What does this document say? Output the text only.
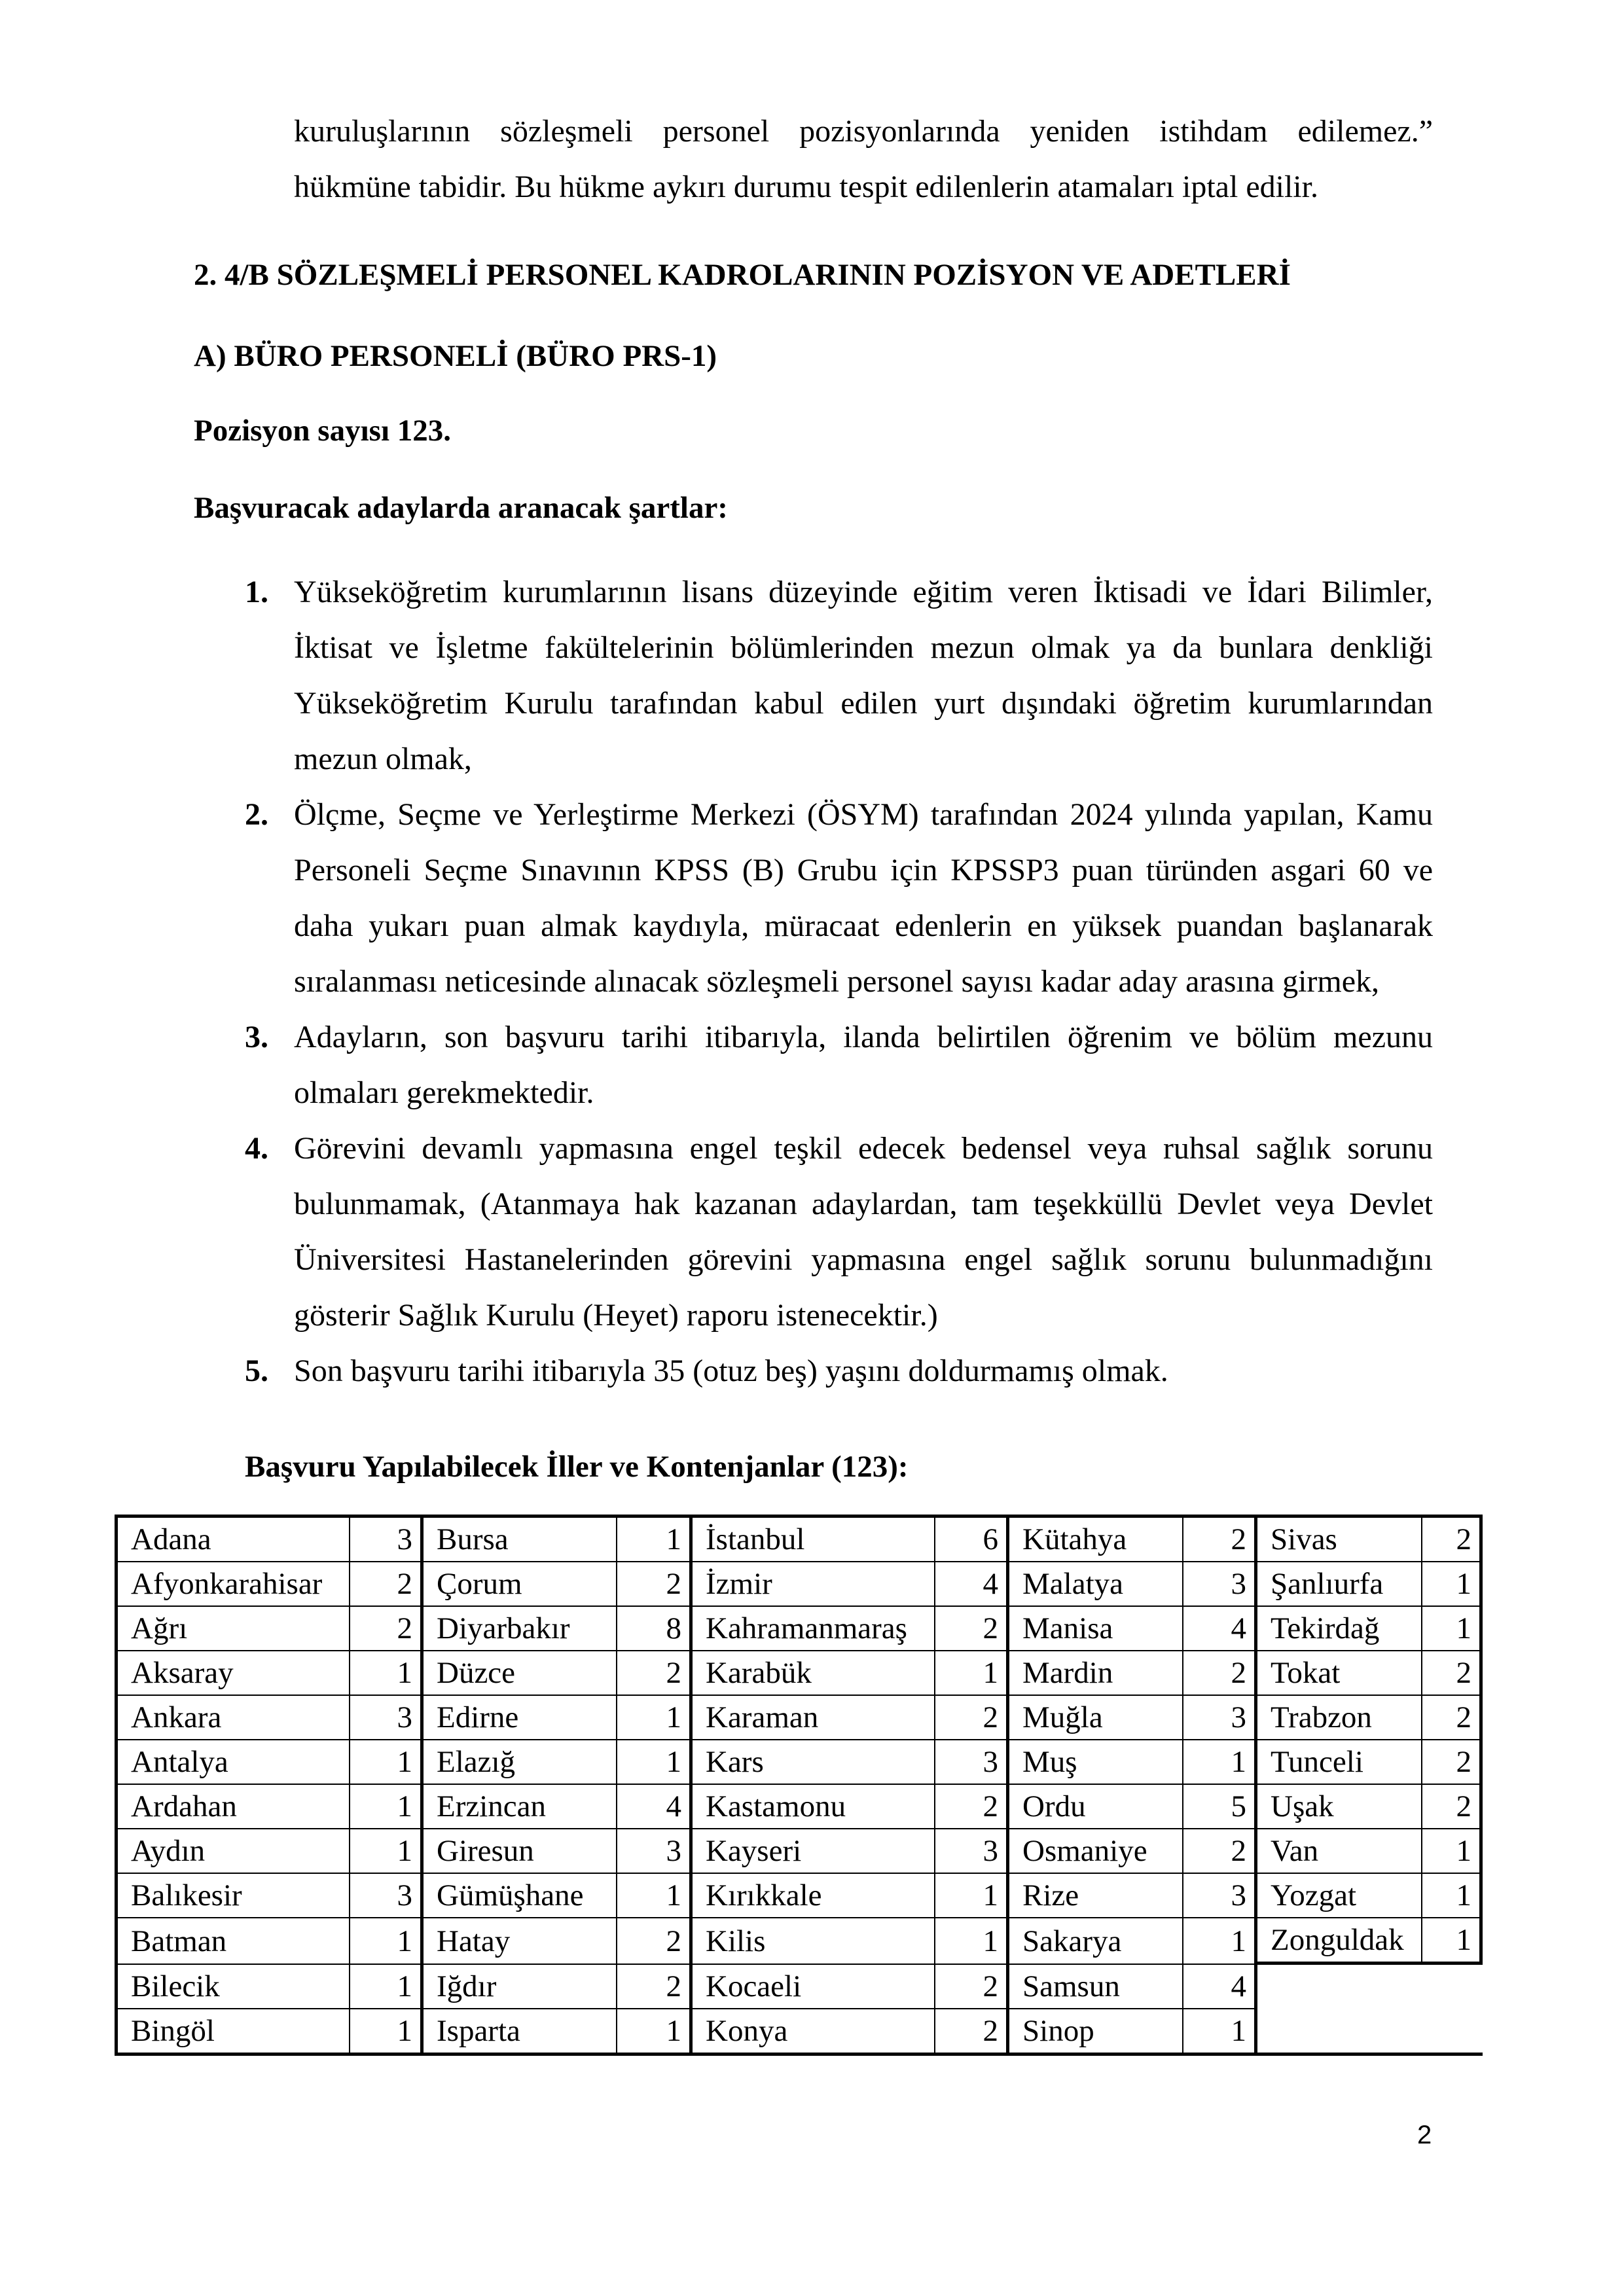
kuruluşlarının sözleşmeli personel pozisyonlarında yeniden istihdam edilemez.”

hükmüne tabidir. Bu hükme aykırı durumu tespit edilenlerin atamaları iptal edilir.

2. 4/B SÖZLEŞMELİ PERSONEL KADROLARININ POZİSYON VE ADETLERİ
A) BÜRO PERSONELİ (BÜRO PRS-1)
Pozisyon sayısı 123.
Başvuracak adaylarda aranacak şartlar:
1. Yükseköğretim kurumlarının lisans düzeyinde eğitim veren İktisadi ve İdari Bilimler, İktisat ve İşletme fakültelerinin bölümlerinden mezun olmak ya da bunlara denkliği Yükseköğretim Kurulu tarafından kabul edilen yurt dışındaki öğretim kurumlarından mezun olmak,
2. Ölçme, Seçme ve Yerleştirme Merkezi (ÖSYM) tarafından 2024 yılında yapılan, Kamu Personeli Seçme Sınavının KPSS (B) Grubu için KPSSP3 puan türünden asgari 60 ve daha yukarı puan almak kaydıyla, müracaat edenlerin en yüksek puandan başlanarak sıralanması neticesinde alınacak sözleşmeli personel sayısı kadar aday arasına girmek,
3. Adayların, son başvuru tarihi itibarıyla, ilanda belirtilen öğrenim ve bölüm mezunu olmaları gerekmektedir.
4. Görevini devamlı yapmasına engel teşkil edecek bedensel veya ruhsal sağlık sorunu bulunmamak, (Atanmaya hak kazanan adaylardan, tam teşekküllü Devlet veya Devlet Üniversitesi Hastanelerinden görevini yapmasına engel sağlık sorunu bulunmadığını gösterir Sağlık Kurulu (Heyet) raporu istenecektir.)
5. Son başvuru tarihi itibarıyla 35 (otuz beş) yaşını doldurmamış olmak.
Başvuru Yapılabilecek İller ve Kontenjanlar (123):
Adana	3	Bursa	1	İstanbul	6	Kütahya	2	Sivas	2
Afyonkarahisar	2	Çorum	2	İzmir	4	Malatya	3	Şanlıurfa	1
Ağrı	2	Diyarbakır	8	Kahramanmaraş	2	Manisa	4	Tekirdağ	1
Aksaray	1	Düzce	2	Karabük	1	Mardin	2	Tokat	2
Ankara	3	Edirne	1	Karaman	2	Muğla	3	Trabzon	2
Antalya	1	Elazığ	1	Kars	3	Muş	1	Tunceli	2
Ardahan	1	Erzincan	4	Kastamonu	2	Ordu	5	Uşak	2
Aydın	1	Giresun	3	Kayseri	3	Osmaniye	2	Van	1
Balıkesir	3	Gümüşhane	1	Kırıkkale	1	Rize	3	Yozgat	1
Batman	1	Hatay	2	Kilis	1	Sakarya	1	Zonguldak	1
Bilecik	1	Iğdır	2	Kocaeli	2	Samsun	4		
Bingöl	1	Isparta	1	Konya	2	Sinop	1		
2
